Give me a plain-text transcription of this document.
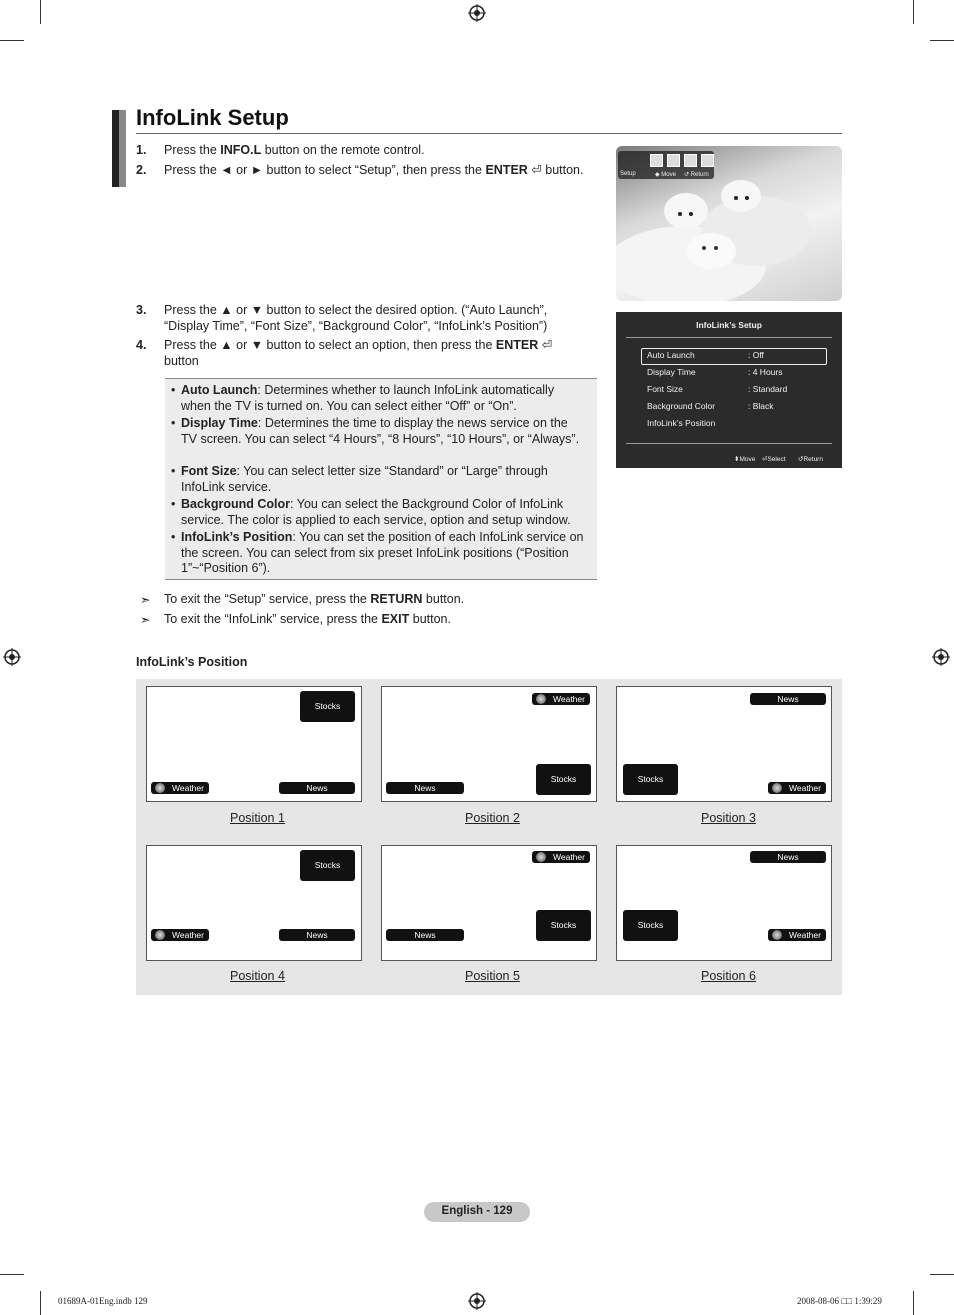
InfoLink Setup
1. Press the INFO.L button on the remote control.
2. Press the ◄ or ► button to select “Setup”, then press the ENTER ⏎ button.	Setup	◆ Move ↺ Return
3. Press the ▲ or ▼ button to select the desired option. (“Auto Launch”, “Display Time”, “Font Size”, “Background Color”, “InfoLink’s Position”)
4. Press the ▲ or ▼ button to select an option, then press the ENTER ⏎
button
InfoLink’s Setup
Auto Launch	: Off
Display Time	: 4 Hours
Font Size	: Standard
Background Color	: Black
InfoLink’s Position
⬍Move ⏎Select ↺Return
• Auto Launch: Determines whether to launch InfoLink automatically when the TV is turned on. You can select either “Off” or “On”.
• Display Time: Determines the time to display the news service on the TV screen. You can select “4 Hours”, “8 Hours”, “10 Hours”, or “Always”.
• Font Size: You can select letter size “Standard” or “Large” through InfoLink service.
• Background Color: You can select the Background Color of InfoLink service. The color is applied to each service, option and setup window.
• InfoLink’s Position: You can set the position of each InfoLink service on the screen. You can select from six preset InfoLink positions (“Position 1”~“Position 6”).
➣ To exit the “Setup” service, press the RETURN button.
➣ To exit the “InfoLink” service, press the EXIT button.
InfoLink’s Position
Stocks
Weather	News
Position 1
Weather
Stocks
News
Position 2
News
Stocks
Weather
Position 3
Stocks
Weather	News
Position 4
Weather
Stocks
News
Position 5
News
Stocks
Weather
Position 6
English - 129
01689A-01Eng.indb 129	2008-08-06 □□ 1:39:29
